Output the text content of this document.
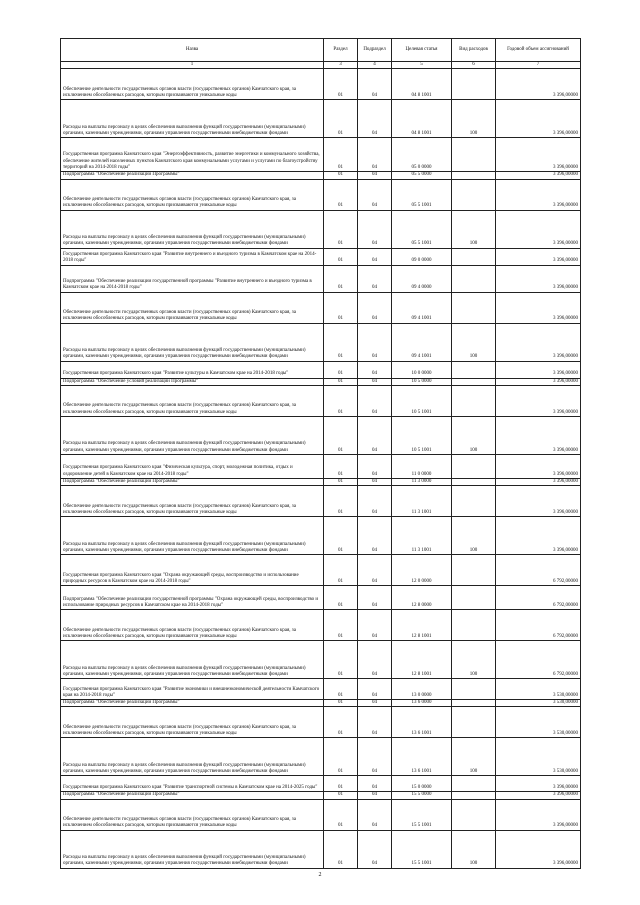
Назва	Раздел	Подраздел	Целевая статья	Вид расходов	Годовой объем ассигнований
1	3	4	5	6	7
Обеспечение деятельности государственных органов власти (государственных органов) Камчатского края, за исключением обособленных расходов, которым присваиваются уникальные коды	01	04	04 8 1001		3 396,00000
Расходы на выплаты персоналу в целях обеспечения выполнения функций государственными (муниципальными) органами, казенными учреждениями, органами управления государственными внебюджетными фондами	01	04	04 8 1001	100	3 396,00000
Государственная программа Камчатского края "Энергоэффективность, развитие энергетики и коммунального хозяйства, обеспечение жителей населенных пунктов Камчатского края коммунальными услугами и услугами по благоустройству территорий на 2014-2018 годы"	01	04	05 0 0000		3 396,00000
Подпрограмма "Обеспечение реализации Программы"	01	04	05 5 0000		3 396,00000
Обеспечение деятельности государственных органов власти (государственных органов) Камчатского края, за исключением обособленных расходов, которым присваиваются уникальные коды	01	04	05 5 1001		3 396,00000
Расходы на выплаты персоналу в целях обеспечения выполнения функций государственными (муниципальными) органами, казенными учреждениями, органами управления государственными внебюджетными фондами	01	04	05 5 1001	100	3 396,00000
Государственная программа Камчатского края "Развитие внутреннего и въездного туризма в Камчатском крае на 2014-2018 годы"	01	04	09 0 0000		3 396,00000
Подпрограмма "Обеспечение реализации государственной программы "Развитие внутреннего и въездного туризма в Камчатском крае на 2014-2018 годы"	01	04	09 4 0000		3 396,00000
Обеспечение деятельности государственных органов власти (государственных органов) Камчатского края, за исключением обособленных расходов, которым присваиваются уникальные коды	01	04	09 4 1001		3 396,00000
Расходы на выплаты персоналу в целях обеспечения выполнения функций государственными (муниципальными) органами, казенными учреждениями, органами управления государственными внебюджетными фондами	01	04	09 4 1001	100	3 396,00000
Государственная программа Камчатского края "Развитие культуры в Камчатском крае на 2014-2018 годы"	01	04	10 0 0000		3 396,00000
Подпрограмма "Обеспечение условий реализации Программы"	01	04	10 5 0000		3 396,00000
Обеспечение деятельности государственных органов власти (государственных органов) Камчатского края, за исключением обособленных расходов, которым присваиваются уникальные коды	01	04	10 5 1001		3 396,00000
Расходы на выплаты персоналу в целях обеспечения выполнения функций государственными (муниципальными) органами, казенными учреждениями, органами управления государственными внебюджетными фондами	01	04	10 5 1001	100	3 396,00000
Государственная программа Камчатского края "Физическая культура, спорт, молодежная политика, отдых и оздоровление детей в Камчатском крае на 2014-2018 годы"	01	04	11 0 0000		3 396,00000
Подпрограмма "Обеспечение реализации Программы"	01	04	11 3 0000		3 396,00000
Обеспечение деятельности государственных органов власти (государственных органов) Камчатского края, за исключением обособленных расходов, которым присваиваются уникальные коды	01	04	11 3 1001		3 396,00000
Расходы на выплаты персоналу в целях обеспечения выполнения функций государственными (муниципальными) органами, казенными учреждениями, органами управления государственными внебюджетными фондами	01	04	11 3 1001	100	3 396,00000
Государственная программа Камчатского края "Охрана окружающей среды, воспроизводство и использование природных ресурсов в Камчатском крае на 2014-2018 годы"	01	04	12 0 0000		6 792,00000
Подпрограмма "Обеспечение реализации государственной программы "Охрана окружающей среды, воспроизводство и использование природных ресурсов в Камчатском крае на 2014-2018 годы"	01	04	12 8 0000		6 792,00000
Обеспечение деятельности государственных органов власти (государственных органов) Камчатского края, за исключением обособленных расходов, которым присваиваются уникальные коды	01	04	12 8 1001		6 792,00000
Расходы на выплаты персоналу в целях обеспечения выполнения функций государственными (муниципальными) органами, казенными учреждениями, органами управления государственными внебюджетными фондами	01	04	12 8 1001	100	6 792,00000
Государственная программа Камчатского края "Развитие экономики и внешнеэкономической деятельности Камчатского края на 2014-2018 годы"	01	04	13 0 0000		3 530,00000
Подпрограмма "Обеспечение реализации Программы"	01	04	13 6 0000		3 530,00000
Обеспечение деятельности государственных органов власти (государственных органов) Камчатского края, за исключением обособленных расходов, которым присваиваются уникальные коды	01	04	13 6 1001		3 530,00000
Расходы на выплаты персоналу в целях обеспечения выполнения функций государственными (муниципальными) органами, казенными учреждениями, органами управления государственными внебюджетными фондами	01	04	13 6 1001	100	3 530,00000
Государственная программа Камчатского края "Развитие транспортной системы в Камчатском крае на 2014-2025 годы"	01	04	15 0 0000		3 396,00000
Подпрограмма "Обеспечение реализации Программы"	01	04	15 5 0000		3 396,00000
Обеспечение деятельности государственных органов власти (государственных органов) Камчатского края, за исключением обособленных расходов, которым присваиваются уникальные коды	01	04	15 5 1001		3 396,00000
Расходы на выплаты персоналу в целях обеспечения выполнения функций государственными (муниципальными) органами, казенными учреждениями, органами управления государственными внебюджетными фондами	01	04	15 5 1001	100	3 396,00000
2
